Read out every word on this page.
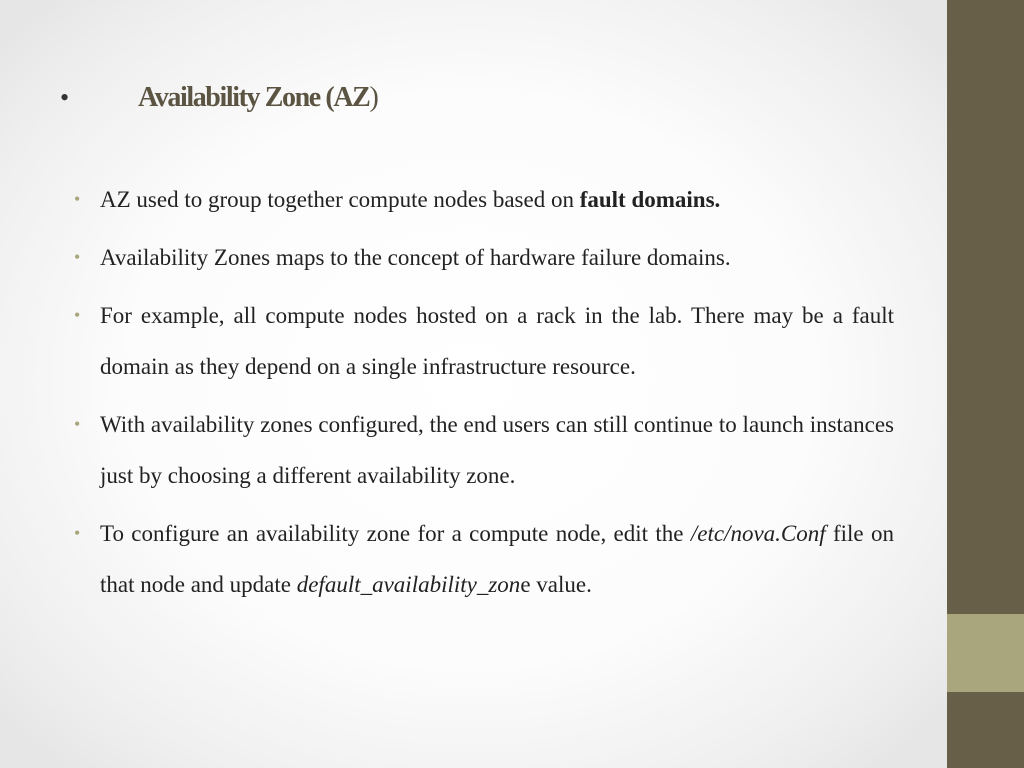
•	Availability Zone (AZ)
• AZ used to group together compute nodes based on fault domains.
• Availability Zones maps to the concept of hardware failure domains.
• For example, all compute nodes hosted on a rack in the lab. There may be a fault domain as they depend on a single infrastructure resource.
• With availability zones configured, the end users can still continue to launch instances just by choosing a different availability zone.
• To configure an availability zone for a compute node, edit the /etc/nova.Conf file on that node and update default_availability_zone value.
